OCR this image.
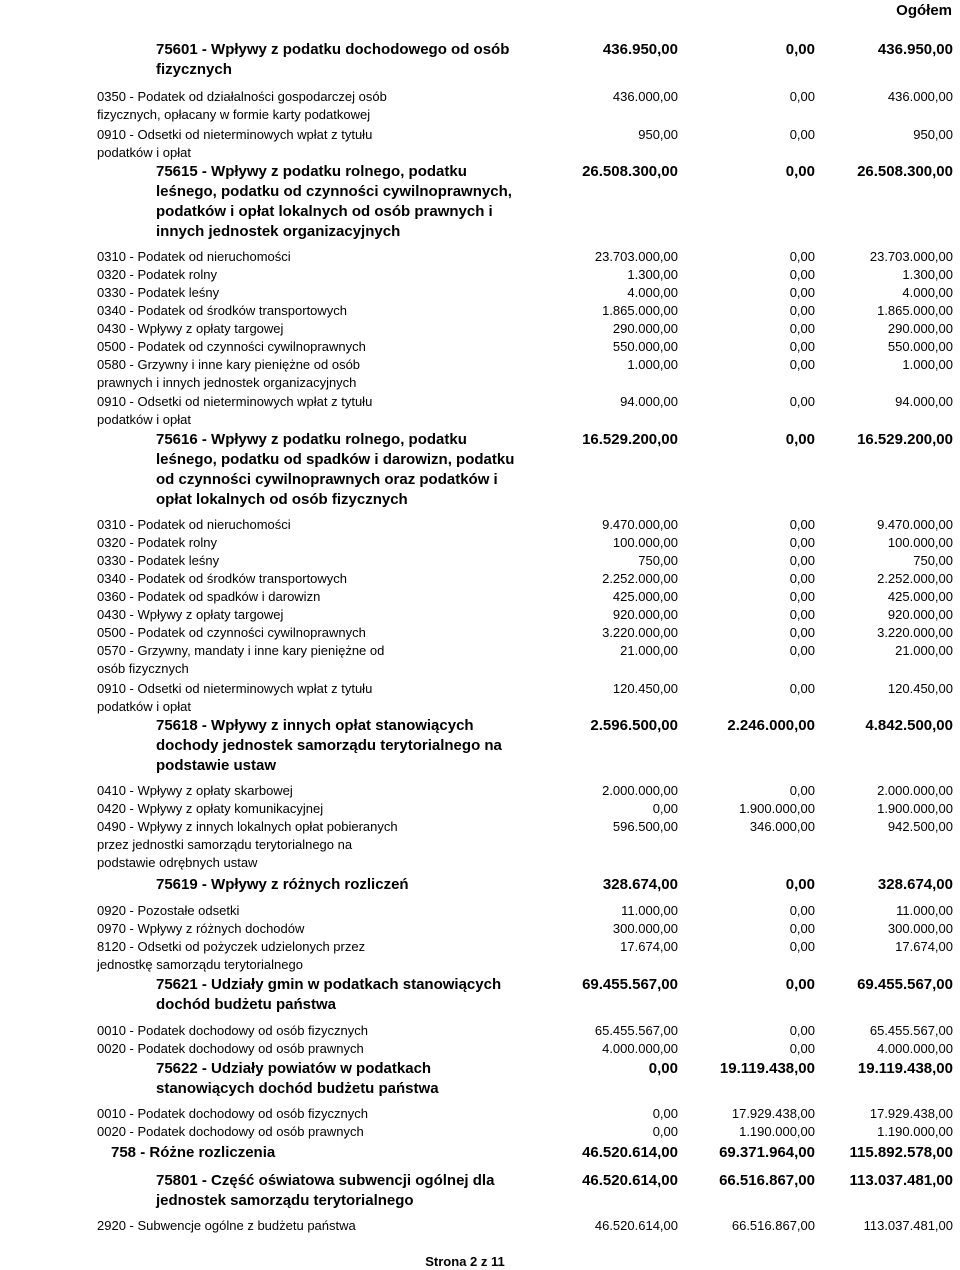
Ogółem
75601 - Wpływy z podatku dochodowego od osób
fizycznych
436.950,00	0,00	436.950,00
0350 - Podatek od działalności gospodarczej osób
fizycznych, opłacany w formie karty podatkowej
436.000,00	0,00	436.000,00
0910 - Odsetki od nieterminowych wpłat z tytułu
podatków i opłat
950,00	0,00	950,00
75615 - Wpływy z podatku rolnego, podatku
leśnego, podatku od czynności cywilnoprawnych,
podatków i opłat lokalnych od osób prawnych i
innych jednostek organizacyjnych
26.508.300,00	0,00	26.508.300,00
0310 - Podatek od nieruchomości	23.703.000,00	0,00	23.703.000,00
0320 - Podatek rolny	1.300,00	0,00	1.300,00
0330 - Podatek leśny	4.000,00	0,00	4.000,00
0340 - Podatek od środków transportowych	1.865.000,00	0,00	1.865.000,00
0430 - Wpływy z opłaty targowej	290.000,00	0,00	290.000,00
0500 - Podatek od czynności cywilnoprawnych	550.000,00	0,00	550.000,00
0580 - Grzywny i inne kary pieniężne od osób
prawnych i innych jednostek organizacyjnych
1.000,00	0,00	1.000,00
0910 - Odsetki od nieterminowych wpłat z tytułu
podatków i opłat
94.000,00	0,00	94.000,00
75616 - Wpływy z podatku rolnego, podatku
leśnego, podatku od spadków i darowizn, podatku
od czynności cywilnoprawnych oraz podatków i
opłat lokalnych od osób fizycznych
16.529.200,00	0,00	16.529.200,00
0310 - Podatek od nieruchomości	9.470.000,00	0,00	9.470.000,00
0320 - Podatek rolny	100.000,00	0,00	100.000,00
0330 - Podatek leśny	750,00	0,00	750,00
0340 - Podatek od środków transportowych	2.252.000,00	0,00	2.252.000,00
0360 - Podatek od spadków i darowizn	425.000,00	0,00	425.000,00
0430 - Wpływy z opłaty targowej	920.000,00	0,00	920.000,00
0500 - Podatek od czynności cywilnoprawnych	3.220.000,00	0,00	3.220.000,00
0570 - Grzywny, mandaty i inne kary pieniężne od
osób fizycznych
21.000,00	0,00	21.000,00
0910 - Odsetki od nieterminowych wpłat z tytułu
podatków i opłat
120.450,00	0,00	120.450,00
75618 - Wpływy z innych opłat stanowiących
dochody jednostek samorządu terytorialnego na
podstawie ustaw
2.596.500,00	2.246.000,00	4.842.500,00
0410 - Wpływy z opłaty skarbowej	2.000.000,00	0,00	2.000.000,00
0420 - Wpływy z opłaty komunikacyjnej	0,00	1.900.000,00	1.900.000,00
0490 - Wpływy z innych lokalnych opłat pobieranych
przez jednostki samorządu terytorialnego na
podstawie odrębnych ustaw
596.500,00	346.000,00	942.500,00
75619 - Wpływy z różnych rozliczeń	328.674,00	0,00	328.674,00
0920 - Pozostałe odsetki	11.000,00	0,00	11.000,00
0970 - Wpływy z różnych dochodów	300.000,00	0,00	300.000,00
8120 - Odsetki od pożyczek udzielonych przez
jednostkę samorządu terytorialnego
17.674,00	0,00	17.674,00
75621 - Udziały gmin w podatkach stanowiących
dochód budżetu państwa
69.455.567,00	0,00	69.455.567,00
0010 - Podatek dochodowy od osób fizycznych	65.455.567,00	0,00	65.455.567,00
0020 - Podatek dochodowy od osób prawnych	4.000.000,00	0,00	4.000.000,00
75622 - Udziały powiatów w podatkach
stanowiących dochód budżetu państwa
0,00	19.119.438,00	19.119.438,00
0010 - Podatek dochodowy od osób fizycznych	0,00	17.929.438,00	17.929.438,00
0020 - Podatek dochodowy od osób prawnych	0,00	1.190.000,00	1.190.000,00
758 - Różne rozliczenia	46.520.614,00	69.371.964,00	115.892.578,00
75801 - Część oświatowa subwencji ogólnej dla
jednostek samorządu terytorialnego
46.520.614,00	66.516.867,00	113.037.481,00
2920 - Subwencje ogólne z budżetu państwa	46.520.614,00	66.516.867,00	113.037.481,00
Strona 2 z 11
